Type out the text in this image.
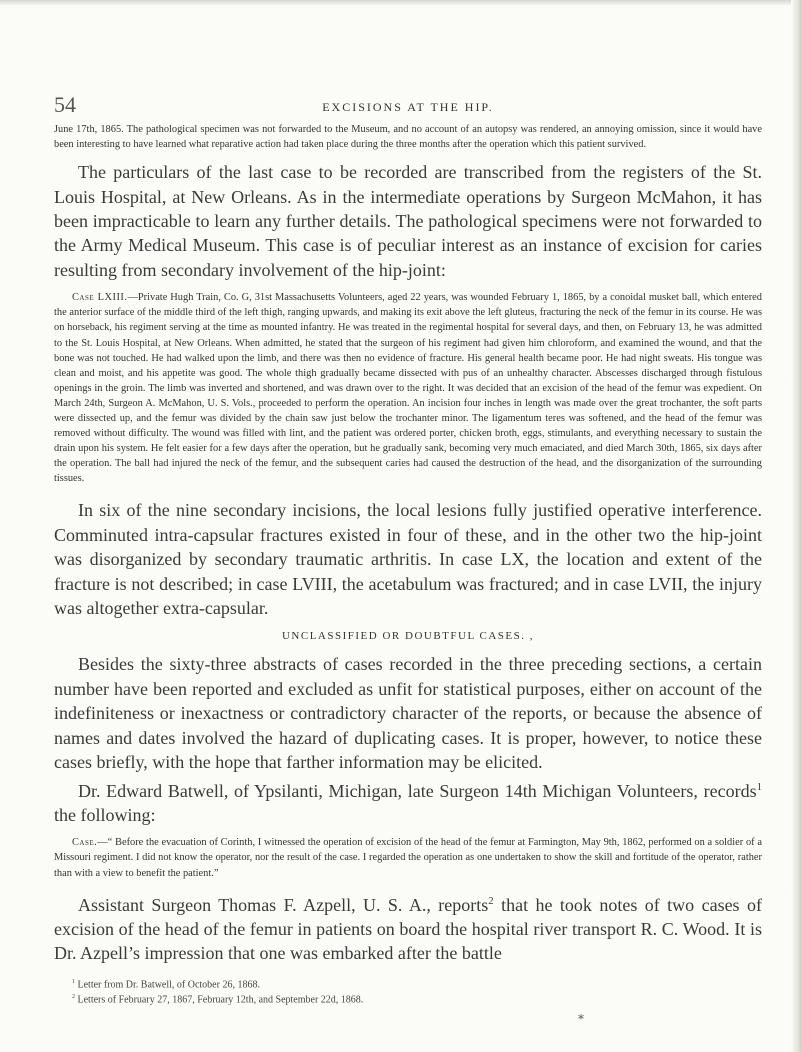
54	EXCISIONS AT THE HIP.

June 17th, 1865. The pathological specimen was not forwarded to the Museum, and no account of an autopsy was rendered, an annoying omission, since it would have been interesting to have learned what reparative action had taken place during the three months after the operation which this patient survived.

The particulars of the last case to be recorded are transcribed from the registers of the St. Louis Hospital, at New Orleans. As in the intermediate operations by Surgeon McMahon, it has been impracticable to learn any further details. The pathological specimens were not forwarded to the Army Medical Museum. This case is of peculiar interest as an instance of excision for caries resulting from secondary involvement of the hip-joint:

Case LXIII.—Private Hugh Train, Co. G, 31st Massachusetts Volunteers, aged 22 years, was wounded February 1, 1865, by a conoidal musket ball, which entered the anterior surface of the middle third of the left thigh, ranging upwards, and making its exit above the left gluteus, fracturing the neck of the femur in its course. He was on horseback, his regiment serving at the time as mounted infantry. He was treated in the regimental hospital for several days, and then, on February 13, he was admitted to the St. Louis Hospital, at New Orleans. When admitted, he stated that the surgeon of his regiment had given him chloroform, and examined the wound, and that the bone was not touched. He had walked upon the limb, and there was then no evidence of fracture. His general health became poor. He had night sweats. His tongue was clean and moist, and his appetite was good. The whole thigh gradually became dissected with pus of an unhealthy character. Abscesses discharged through fistulous openings in the groin. The limb was inverted and shortened, and was drawn over to the right. It was decided that an excision of the head of the femur was expedient. On March 24th, Surgeon A. McMahon, U. S. Vols., proceeded to perform the operation. An incision four inches in length was made over the great trochanter, the soft parts were dissected up, and the femur was divided by the chain saw just below the trochanter minor. The ligamentum teres was softened, and the head of the femur was removed without difficulty. The wound was filled with lint, and the patient was ordered porter, chicken broth, eggs, stimulants, and everything necessary to sustain the drain upon his system. He felt easier for a few days after the operation, but he gradually sank, becoming very much emaciated, and died March 30th, 1865, six days after the operation. The ball had injured the neck of the femur, and the subsequent caries had caused the destruction of the head, and the disorganization of the surrounding tissues.

In six of the nine secondary incisions, the local lesions fully justified operative interference. Comminuted intra-capsular fractures existed in four of these, and in the other two the hip-joint was disorganized by secondary traumatic arthritis. In case LX, the location and extent of the fracture is not described; in case LVIII, the acetabulum was fractured; and in case LVII, the injury was altogether extra-capsular.

UNCLASSIFIED OR DOUBTFUL CASES. ,

Besides the sixty-three abstracts of cases recorded in the three preceding sections, a certain number have been reported and excluded as unfit for statistical purposes, either on account of the indefiniteness or inexactness or contradictory character of the reports, or because the absence of names and dates involved the hazard of duplicating cases. It is proper, however, to notice these cases briefly, with the hope that farther information may be elicited.

Dr. Edward Batwell, of Ypsilanti, Michigan, late Surgeon 14th Michigan Volunteers, records$^1$ the following:

Case.—“ Before the evacuation of Corinth, I witnessed the operation of excision of the head of the femur at Farmington, May 9th, 1862, performed on a soldier of a Missouri regiment. I did not know the operator, nor the result of the case. I regarded the operation as one undertaken to show the skill and fortitude of the operator, rather than with a view to benefit the patient.”

Assistant Surgeon Thomas F. Azpell, U. S. A., reports$^2$ that he took notes of two cases of excision of the head of the femur in patients on board the hospital river transport R. C. Wood. It is Dr. Azpell’s impression that one was embarked after the battle

$^1$ Letter from Dr. Batwell, of October 26, 1868.

$^2$ Letters of February 27, 1867, February 12th, and September 22d, 1868.

*
